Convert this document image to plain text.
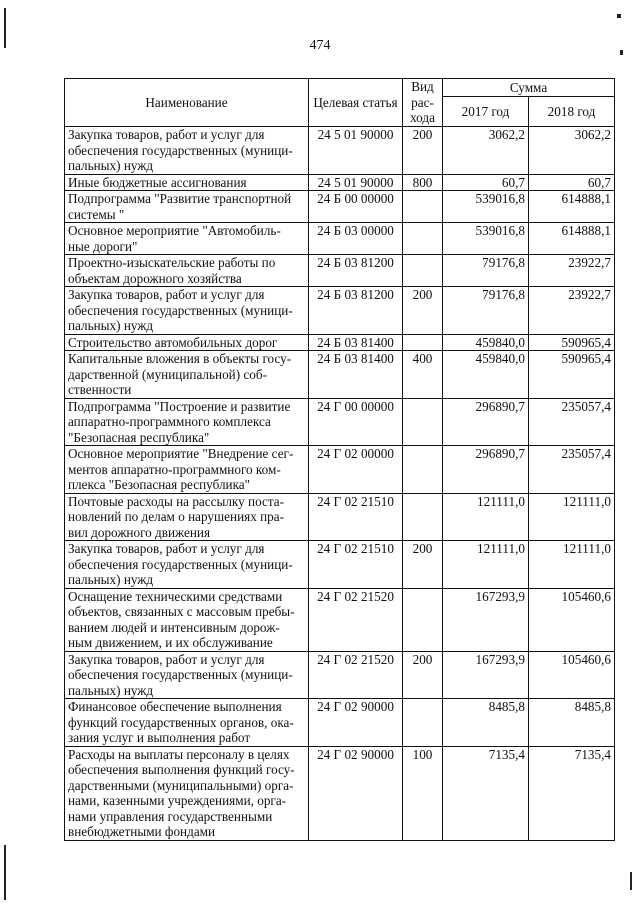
474
Наименование	Целевая статья	Вид рас- хода	Сумма	
			2017 год	2018 год
Закупка товаров, работ и услуг для обеспечения государственных (муници- пальных) нужд	24 5 01 90000	200	3062,2	3062,2
Иные бюджетные ассигнования	24 5 01 90000	800	60,7	60,7
Подпрограмма "Развитие транспортной системы "	24 Б 00 00000		539016,8	614888,1
Основное мероприятие "Автомобиль- ные дороги"	24 Б 03 00000		539016,8	614888,1
Проектно-изыскательские работы по объектам дорожного хозяйства	24 Б 03 81200		79176,8	23922,7
Закупка товаров, работ и услуг для обеспечения государственных (муници- пальных) нужд	24 Б 03 81200	200	79176,8	23922,7
Строительство автомобильных дорог	24 Б 03 81400		459840,0	590965,4
Капитальные вложения в объекты госу- дарственной (муниципальной) соб- ственности	24 Б 03 81400	400	459840,0	590965,4
Подпрограмма "Построение и развитие аппаратно-программного комплекса "Безопасная республика"	24 Г 00 00000		296890,7	235057,4
Основное мероприятие "Внедрение сег- ментов аппаратно-программного ком- плекса "Безопасная республика"	24 Г 02 00000		296890,7	235057,4
Почтовые расходы на рассылку поста- новлений по делам о нарушениях пра- вил дорожного движения	24 Г 02 21510		121111,0	121111,0
Закупка товаров, работ и услуг для обеспечения государственных (муници- пальных) нужд	24 Г 02 21510	200	121111,0	121111,0
Оснащение техническими средствами объектов, связанных с массовым пребы- ванием людей и интенсивным дорож- ным движением, и их обслуживание	24 Г 02 21520		167293,9	105460,6
Закупка товаров, работ и услуг для обеспечения государственных (муници- пальных) нужд	24 Г 02 21520	200	167293,9	105460,6
Финансовое обеспечение выполнения функций государственных органов, ока- зания услуг и выполнения работ	24 Г 02 90000		8485,8	8485,8
Расходы на выплаты персоналу в целях обеспечения выполнения функций госу- дарственными (муниципальными) орга- нами, казенными учреждениями, орга- нами управления государственными внебюджетными фондами	24 Г 02 90000	100	7135,4	7135,4
